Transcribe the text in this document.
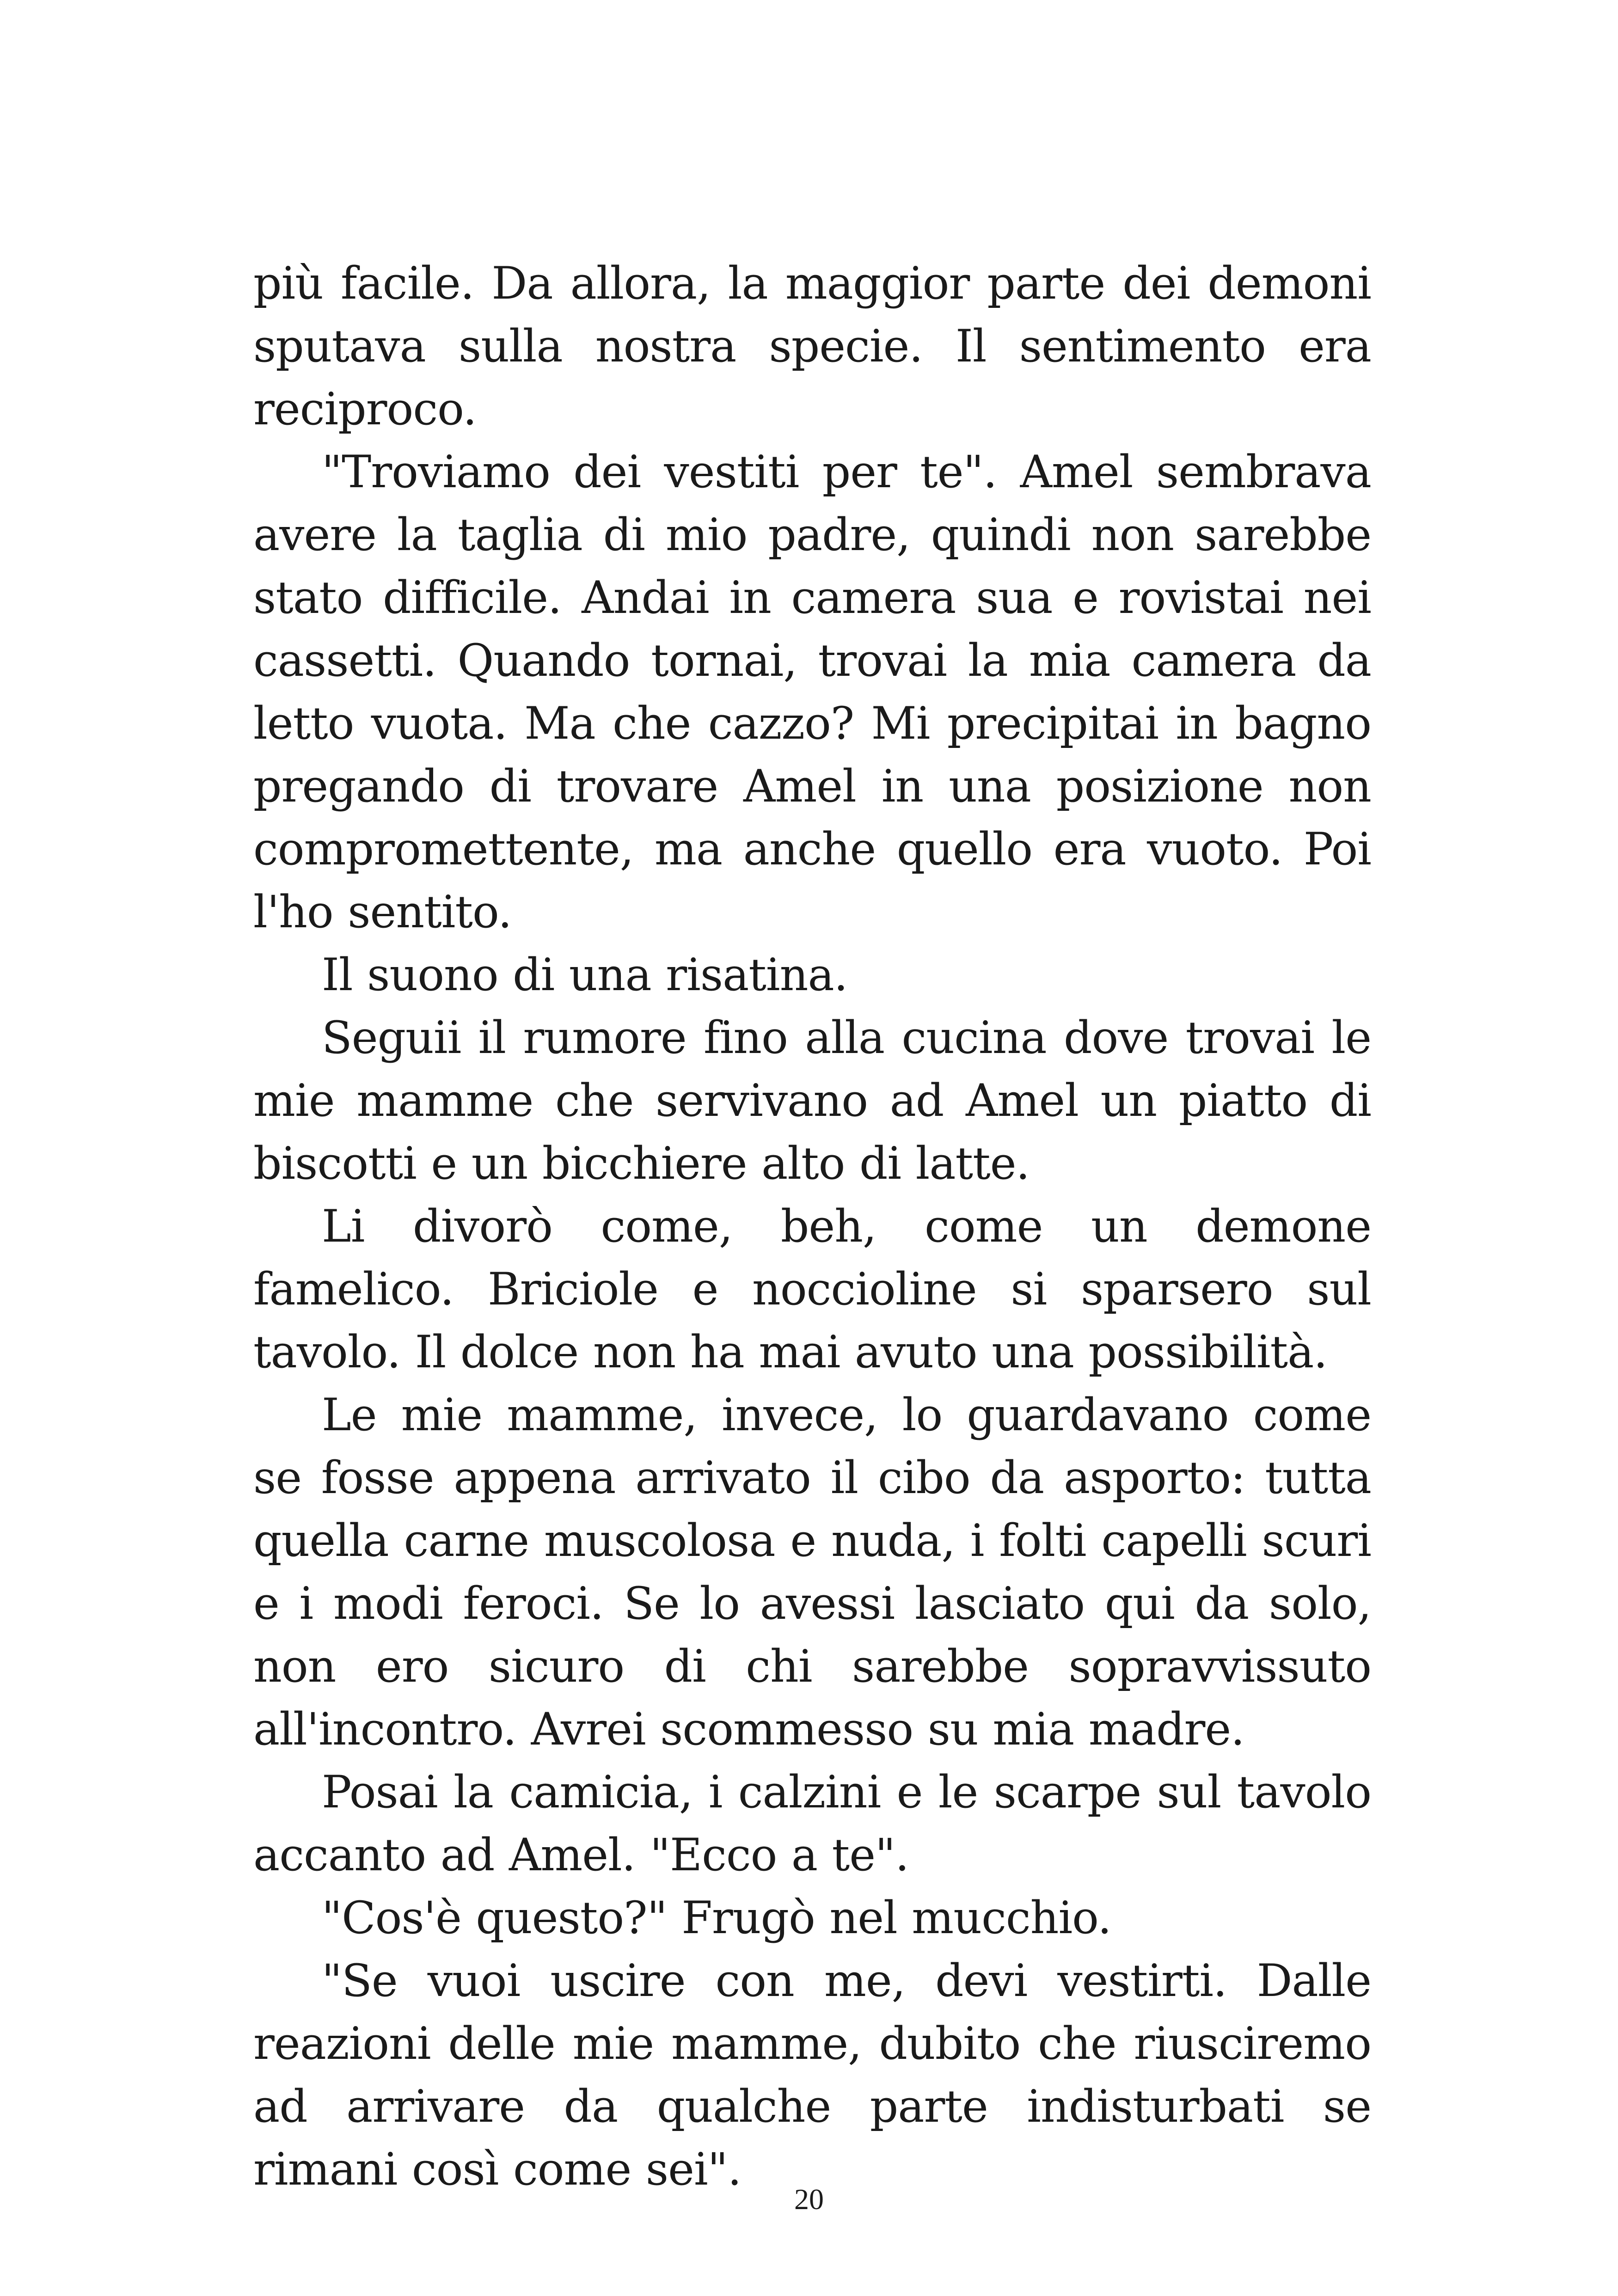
più facile. Da allora, la maggior parte dei demoni sputava sulla nostra specie. Il sentimento era reciproco.

"Troviamo dei vestiti per te". Amel sembrava avere la taglia di mio padre, quindi non sarebbe stato difficile. Andai in camera sua e rovistai nei cassetti. Quando tornai, trovai la mia camera da letto vuota. Ma che cazzo? Mi precipitai in bagno pregando di trovare Amel in una posizione non compromettente, ma anche quello era vuoto. Poi l'ho sentito.

Il suono di una risatina.

Seguii il rumore fino alla cucina dove trovai le mie mamme che servivano ad Amel un piatto di biscotti e un bicchiere alto di latte.

Li divorò come, beh, come un demone famelico. Briciole e noccioline si sparsero sul tavolo. Il dolce non ha mai avuto una possibilità.

Le mie mamme, invece, lo guardavano come se fosse appena arrivato il cibo da asporto: tutta quella carne muscolosa e nuda, i folti capelli scuri e i modi feroci. Se lo avessi lasciato qui da solo, non ero sicuro di chi sarebbe sopravvissuto all'incontro. Avrei scommesso su mia madre.

Posai la camicia, i calzini e le scarpe sul tavolo accanto ad Amel. "Ecco a te".

"Cos'è questo?" Frugò nel mucchio.

"Se vuoi uscire con me, devi vestirti. Dalle reazioni delle mie mamme, dubito che riusciremo ad arrivare da qualche parte indisturbati se rimani così come sei".

20
